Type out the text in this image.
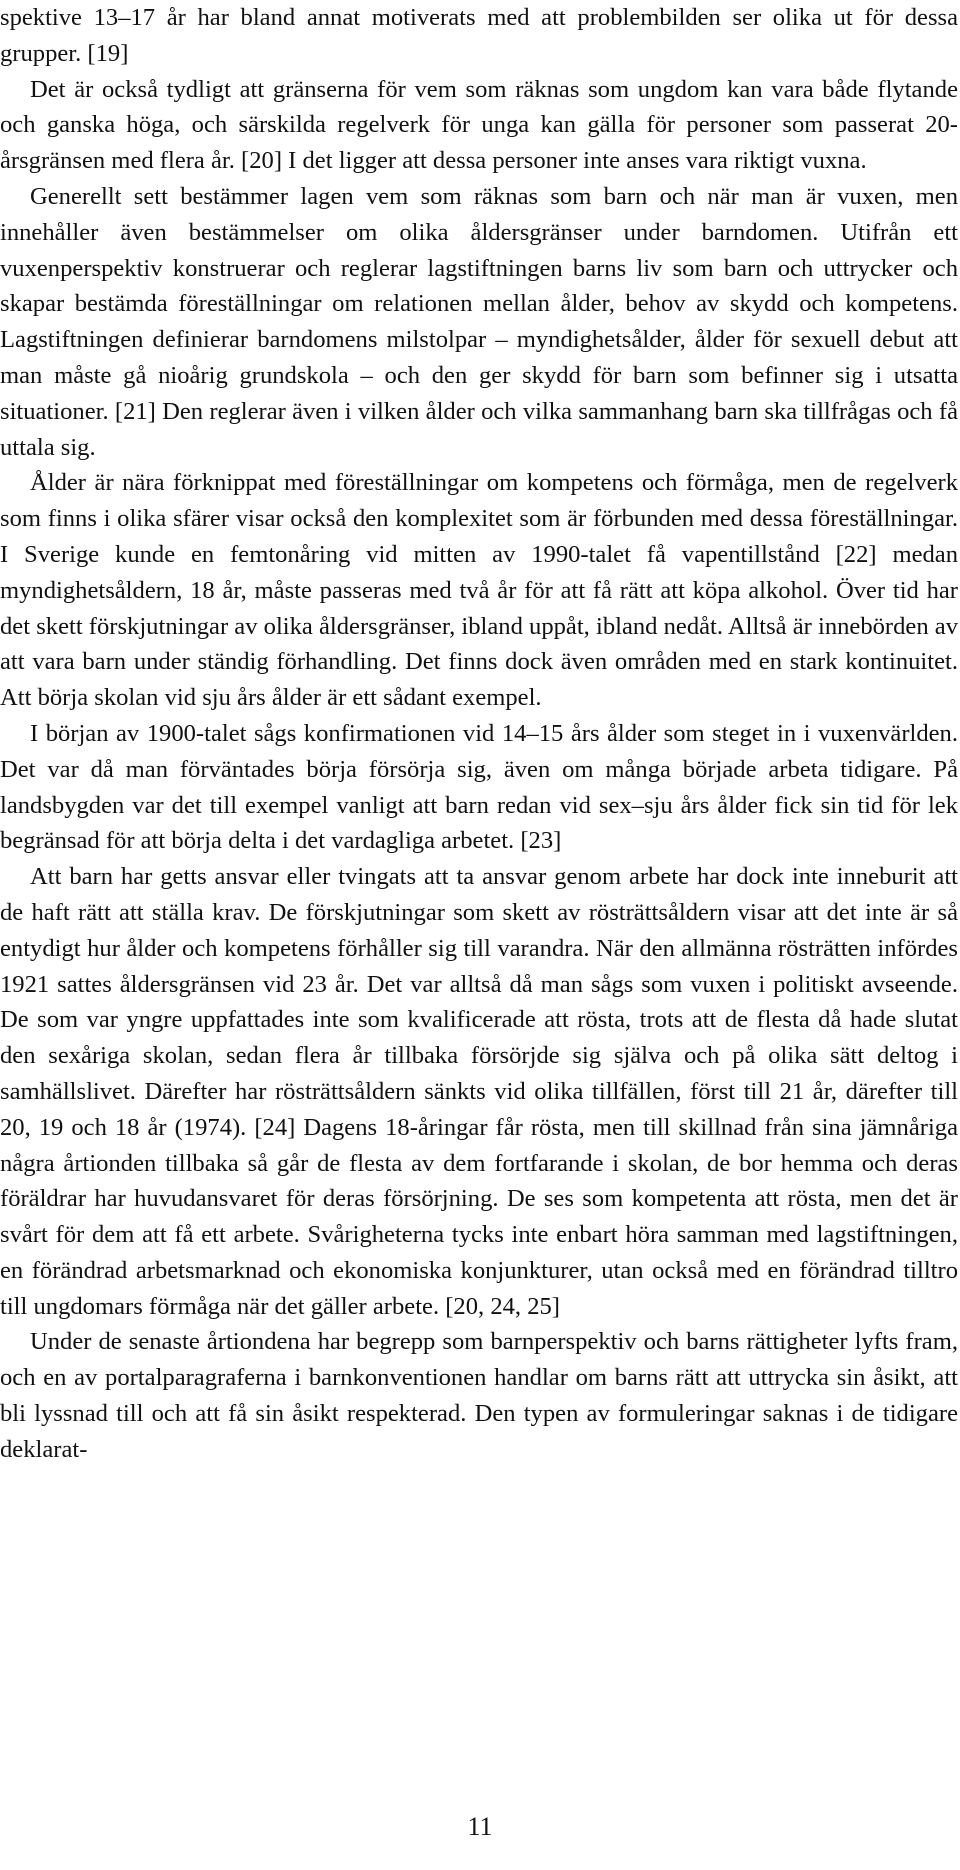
spektive 13–17 år har bland annat motiverats med att problembilden ser olika ut för dessa grupper. [19]

Det är också tydligt att gränserna för vem som räknas som ungdom kan vara både flytande och ganska höga, och särskilda regelverk för unga kan gälla för personer som passerat 20-årsgränsen med flera år. [20] I det ligger att dessa personer inte anses vara riktigt vuxna.

Generellt sett bestämmer lagen vem som räknas som barn och när man är vuxen, men innehåller även bestämmelser om olika åldersgränser under barndomen. Utifrån ett vuxenperspektiv konstruerar och reglerar lagstiftningen barns liv som barn och uttrycker och skapar bestämda föreställningar om relationen mellan ålder, behov av skydd och kompetens. Lagstiftningen definierar barndomens milstolpar – myndighetsålder, ålder för sexuell debut att man måste gå nioårig grundskola – och den ger skydd för barn som befinner sig i utsatta situationer. [21] Den reglerar även i vilken ålder och vilka sammanhang barn ska tillfrågas och få uttala sig.

Ålder är nära förknippat med föreställningar om kompetens och förmåga, men de regelverk som finns i olika sfärer visar också den komplexitet som är förbunden med dessa föreställningar. I Sverige kunde en femtonåring vid mitten av 1990-talet få vapentillstånd [22] medan myndighetsåldern, 18 år, måste passeras med två år för att få rätt att köpa alkohol. Över tid har det skett förskjutningar av olika åldersgränser, ibland uppåt, ibland nedåt. Alltså är innebörden av att vara barn under ständig förhandling. Det finns dock även områden med en stark kontinuitet. Att börja skolan vid sju års ålder är ett sådant exempel.

I början av 1900-talet sågs konfirmationen vid 14–15 års ålder som steget in i vuxenvärlden. Det var då man förväntades börja försörja sig, även om många började arbeta tidigare. På landsbygden var det till exempel vanligt att barn redan vid sex–sju års ålder fick sin tid för lek begränsad för att börja delta i det vardagliga arbetet. [23]

Att barn har getts ansvar eller tvingats att ta ansvar genom arbete har dock inte inneburit att de haft rätt att ställa krav. De förskjutningar som skett av rösträttsåldern visar att det inte är så entydigt hur ålder och kompetens förhåller sig till varandra. När den allmänna rösträtten infördes 1921 sattes åldersgränsen vid 23 år. Det var alltså då man sågs som vuxen i politiskt avseende. De som var yngre uppfattades inte som kvalificerade att rösta, trots att de flesta då hade slutat den sexåriga skolan, sedan flera år tillbaka försörjde sig själva och på olika sätt deltog i samhällslivet. Därefter har rösträttsåldern sänkts vid olika tillfällen, först till 21 år, därefter till 20, 19 och 18 år (1974). [24] Dagens 18-åringar får rösta, men till skillnad från sina jämnåriga några årtionden tillbaka så går de flesta av dem fortfarande i skolan, de bor hemma och deras föräldrar har huvudansvaret för deras försörjning. De ses som kompetenta att rösta, men det är svårt för dem att få ett arbete. Svårigheterna tycks inte enbart höra samman med lagstiftningen, en förändrad arbetsmarknad och ekonomiska konjunkturer, utan också med en förändrad tilltro till ungdomars förmåga när det gäller arbete. [20, 24, 25]

Under de senaste årtiondena har begrepp som barnperspektiv och barns rättigheter lyfts fram, och en av portalparagraferna i barnkonventionen handlar om barns rätt att uttrycka sin åsikt, att bli lyssnad till och att få sin åsikt respekterad. Den typen av formuleringar saknas i de tidigare deklarat-

11
